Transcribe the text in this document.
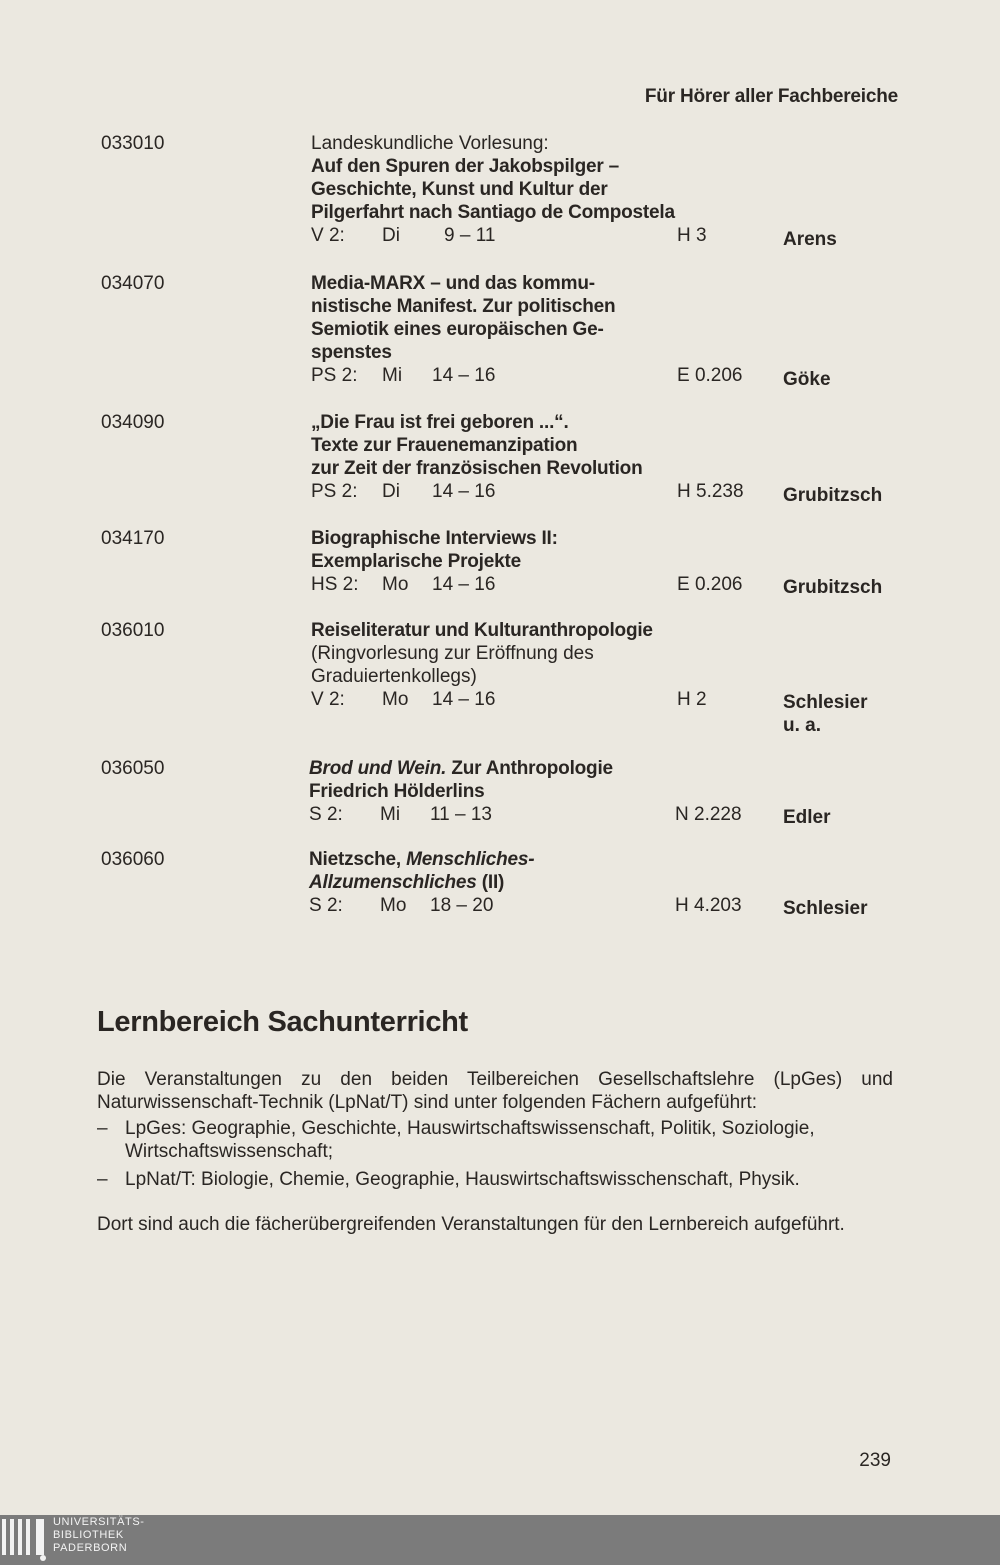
Für Hörer aller Fachbereiche
033010	Landeskundliche Vorlesung:
Auf den Spuren der Jakobspilger –
Geschichte, Kunst und Kultur der
Pilgerfahrt nach Santiago de Compostela
V 2: Di 9 – 11	H 3	Arens
034070	Media-MARX – und das kommu-
nistische Manifest. Zur politischen
Semiotik eines europäischen Ge-
spenstes
PS 2: Mi 14 – 16	E 0.206 Göke
034090	„Die Frau ist frei geboren ...“.
Texte zur Frauenemanzipation
zur Zeit der französischen Revolution
PS 2: Di 14 – 16	H 5.238 Grubitzsch
034170	Biographische Interviews II:
Exemplarische Projekte
HS 2: Mo 14 – 16	E 0.206 Grubitzsch
036010	Reiseliteratur und Kulturanthropologie
(Ringvorlesung zur Eröffnung des
Graduiertenkollegs)
V 2: Mo 14 – 16	H 2	Schlesier
u. a.
036050	Brod und Wein. Zur Anthropologie
Friedrich Hölderlins
S 2: Mi 11 – 13	N 2.228 Edler
036060	Nietzsche, Menschliches-
Allzumenschliches (II)
S 2: Mo 18 – 20	H 4.203 Schlesier
Lernbereich Sachunterricht
Die Veranstaltungen zu den beiden Teilbereichen Gesellschaftslehre (LpGes) und Naturwissenschaft-Technik (LpNat/T) sind unter folgenden Fächern aufgeführt:
– LpGes: Geographie, Geschichte, Hauswirtschaftswissenschaft, Politik, Soziologie, Wirtschaftswissenschaft;
– LpNat/T: Biologie, Chemie, Geographie, Hauswirtschaftswisschenschaft, Physik.
Dort sind auch die fächerübergreifenden Veranstaltungen für den Lernbereich aufgeführt.
239
UNIVERSITÄTS-
BIBLIOTHEK
PADERBORN
